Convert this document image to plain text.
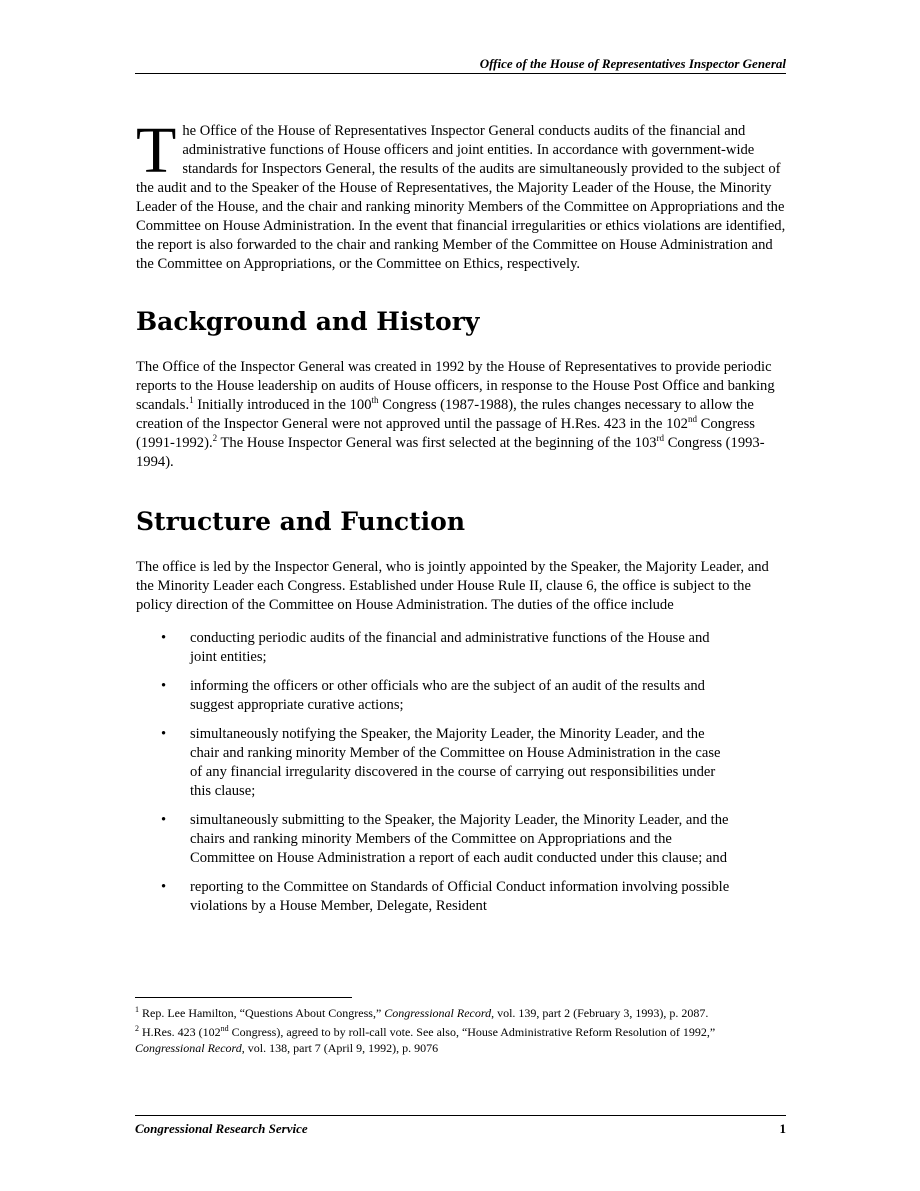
Office of the House of Representatives Inspector General

The Office of the House of Representatives Inspector General conducts audits of the financial and administrative functions of House officers and joint entities. In accordance with government-wide standards for Inspectors General, the results of the audits are simultaneously provided to the subject of the audit and to the Speaker of the House of Representatives, the Majority Leader of the House, the Minority Leader of the House, and the chair and ranking minority Members of the Committee on Appropriations and the Committee on House Administration. In the event that financial irregularities or ethics violations are identified, the report is also forwarded to the chair and ranking Member of the Committee on House Administration and the Committee on Appropriations, or the Committee on Ethics, respectively.

Background and History

The Office of the Inspector General was created in 1992 by the House of Representatives to provide periodic reports to the House leadership on audits of House officers, in response to the House Post Office and banking scandals.$^1$ Initially introduced in the 100th Congress (1987-1988), the rules changes necessary to allow the creation of the Inspector General were not approved until the passage of H.Res. 423 in the 102nd Congress (1991-1992).$^2$ The House Inspector General was first selected at the beginning of the 103rd Congress (1993-1994).

Structure and Function

The office is led by the Inspector General, who is jointly appointed by the Speaker, the Majority Leader, and the Minority Leader each Congress. Established under House Rule II, clause 6, the office is subject to the policy direction of the Committee on House Administration. The duties of the office include

• conducting periodic audits of the financial and administrative functions of the House and joint entities;
• informing the officers or other officials who are the subject of an audit of the results and suggest appropriate curative actions;
• simultaneously notifying the Speaker, the Majority Leader, the Minority Leader, and the chair and ranking minority Member of the Committee on House Administration in the case of any financial irregularity discovered in the course of carrying out responsibilities under this clause;
• simultaneously submitting to the Speaker, the Majority Leader, the Minority Leader, and the chairs and ranking minority Members of the Committee on Appropriations and the Committee on House Administration a report of each audit conducted under this clause; and
• reporting to the Committee on Standards of Official Conduct information involving possible violations by a House Member, Delegate, Resident

$^1$ Rep. Lee Hamilton, “Questions About Congress,” Congressional Record, vol. 139, part 2 (February 3, 1993), p. 2087.

$^2$ H.Res. 423 (102nd Congress), agreed to by roll-call vote. See also, “House Administrative Reform Resolution of 1992,” Congressional Record, vol. 138, part 7 (April 9, 1992), p. 9076

Congressional Research Service	1
